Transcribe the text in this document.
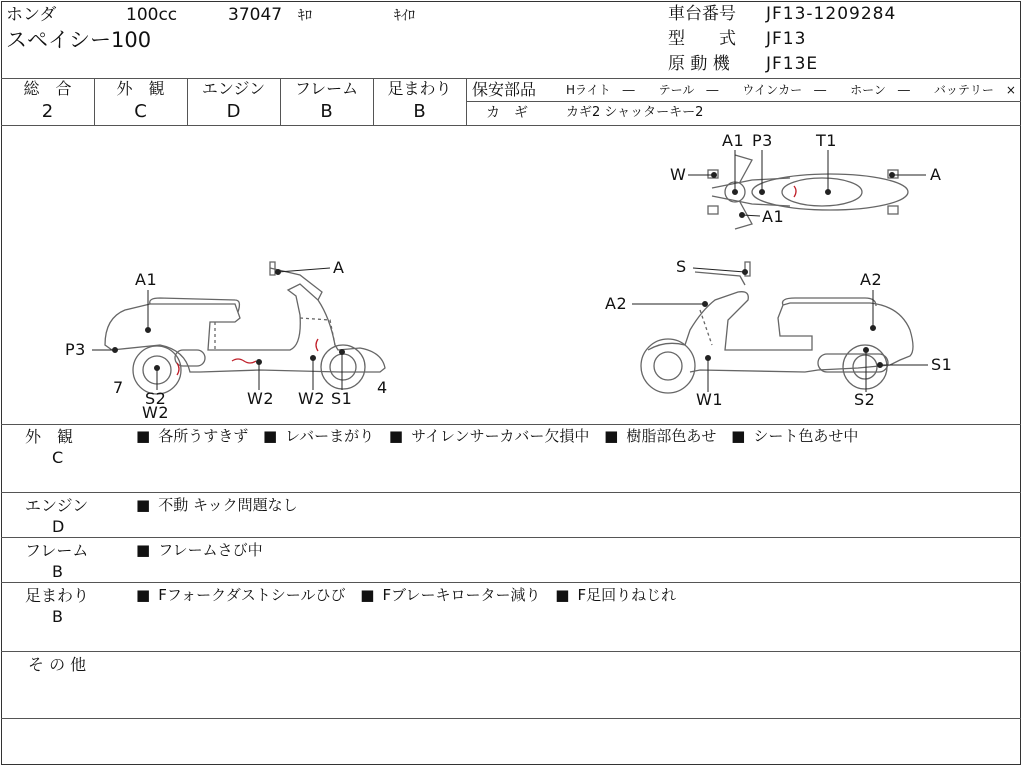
ホンダ	100cc	37047 ｷﾛ	ｷｲﾛ
スペイシー100
車台番号 JF13-1209284
型　　式 JF13
原 動 機 JF13E
総　合
2
外　観
C
エンジン
D
フレーム
B
足まわり
B
保安部品 Hライト　―　　テール　―　　ウインカー　―　　ホーン　―　　バッテリー　×
カ　ギ	カギ2 シャッターキー2
A1
A
P3
7
S2
W2
W2 W2 S1
4
S
A2
A2
S1
W1	S2
A1 P3	T1
W	A
A1
外　観
C
■ 各所うすきず ■ レバーまがり ■ サイレンサーカバー欠損中 ■ 樹脂部色あせ ■ シート色あせ中
エンジン
D
■ 不動 キック問題なし
フレーム
B
■ フレームさび中
足まわり
B
■ Fフォークダストシールひび ■ Fブレーキローター減り ■ F足回りねじれ
そ の 他
